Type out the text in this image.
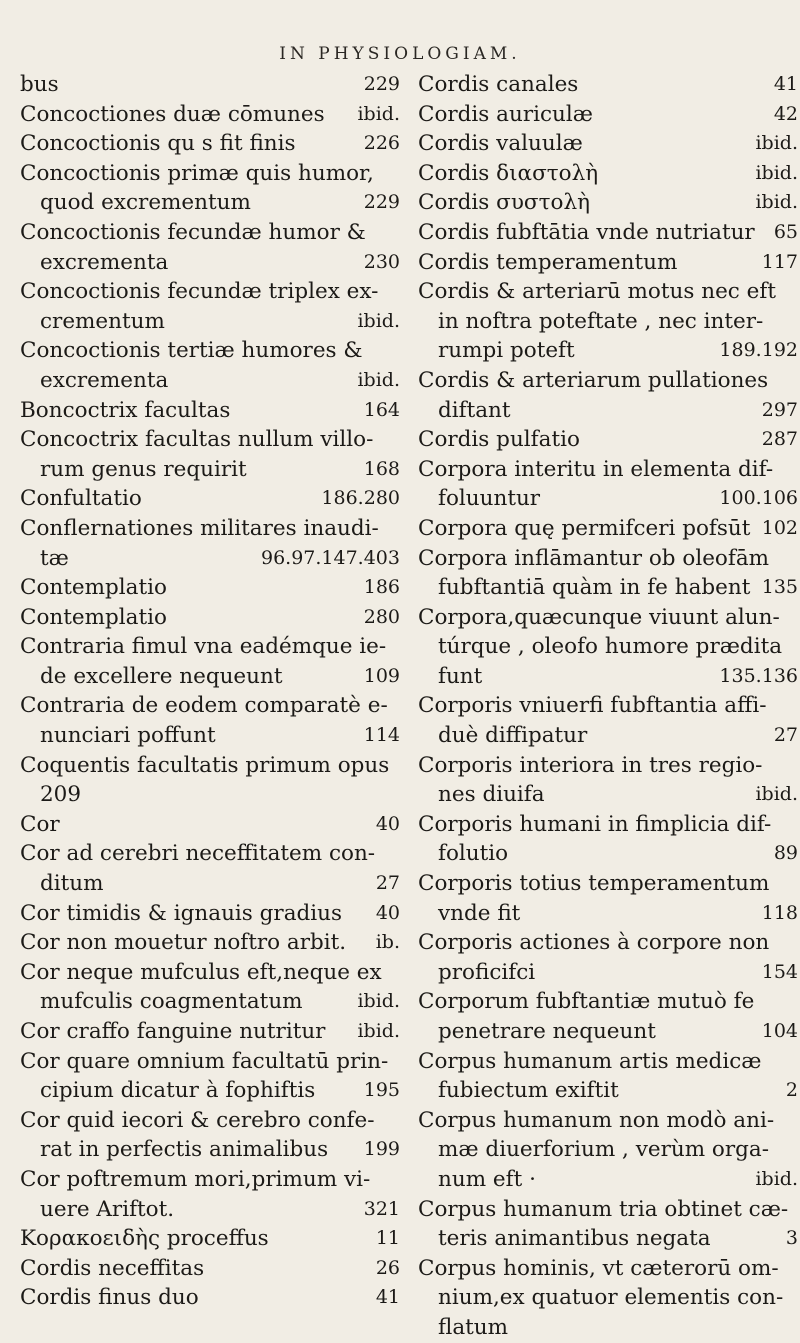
IN PHYSIOLOGIAM.
bus	229
Concoctiones duæ cōmunes	ibid.
Concoctionis qu s fit finis	226
Concoctionis primæ quis humor,
quod excrementum	229
Concoctionis fecundæ humor &
excrementa	230
Concoctionis fecundæ triplex ex-
crementum	ibid.
Concoctionis tertiæ humores &
excrementa	ibid.
Boncoctrix facultas	164
Concoctrix facultas nullum villo-
rum genus requirit	168
Confultatio	186.280
Conflernationes militares inaudi-
tæ	96.97.147.403
Contemplatio	186
Contemplatio	280
Contraria fimul vna eadémque ie-
de excellere nequeunt	109
Contraria de eodem comparatè e-
nunciari poffunt	114
Coquentis facultatis primum opus
209
Cor	40
Cor ad cerebri neceffitatem con-
ditum	27
Cor timidis & ignauis gradius 40
Cor non mouetur noftro arbit. ib.
Cor neque mufculus eft,neque ex
mufculis coagmentatum	ibid.
Cor craffo fanguine nutritur	ibid.
Cor quare omnium facultatū prin-
cipium dicatur à fophiftis	195
Cor quid iecori & cerebro confe-
rat in perfectis animalibus	199
Cor poftremum mori,primum vi-
uere Ariftot.	321
Κορακοειδὴς proceffus	11
Cordis neceffitas	26
Cordis finus duo	41
Cordis canales	41
Cordis auriculæ	42
Cordis valuulæ	ibid.
Cordis διαστολὴ	ibid.
Cordis συστολὴ	ibid.
Cordis fubftātia vnde nutriatur 65
Cordis temperamentum	117
Cordis & arteriarū motus nec eft
in noftra poteftate , nec inter-
rumpi poteft	189.192
Cordis & arteriarum pullationes
diftant	297
Cordis pulfatio	287
Corpora interitu in elementa dif-
foluuntur	100.106
Corpora quę permifceri pofsūt 102
Corpora inflāmantur ob oleofām
fubftantiā quàm in fe habent 135
Corpora,quæcunque viuunt alun-
túrque , oleofo humore prædita
funt	135.136
Corporis vniuerfi fubftantia affi-
duè diffipatur	27
Corporis interiora in tres regio-
nes diuifa	ibid.
Corporis humani in fimplicia dif-
folutio	89
Corporis totius temperamentum
vnde fit	118
Corporis actiones à corpore non
proficifci	154
Corporum fubftantiæ mutuò fe
penetrare nequeunt	104
Corpus humanum artis medicæ
fubiectum exiftit	2
Corpus humanum non modò ani-
mæ diuerforium , verùm orga-
num eft ·	ibid.
Corpus humanum tria obtinet cæ-
teris animantibus negata	3
Corpus hominis, vt cæterorū om-
nium,ex quatuor elementis con-
flatum
